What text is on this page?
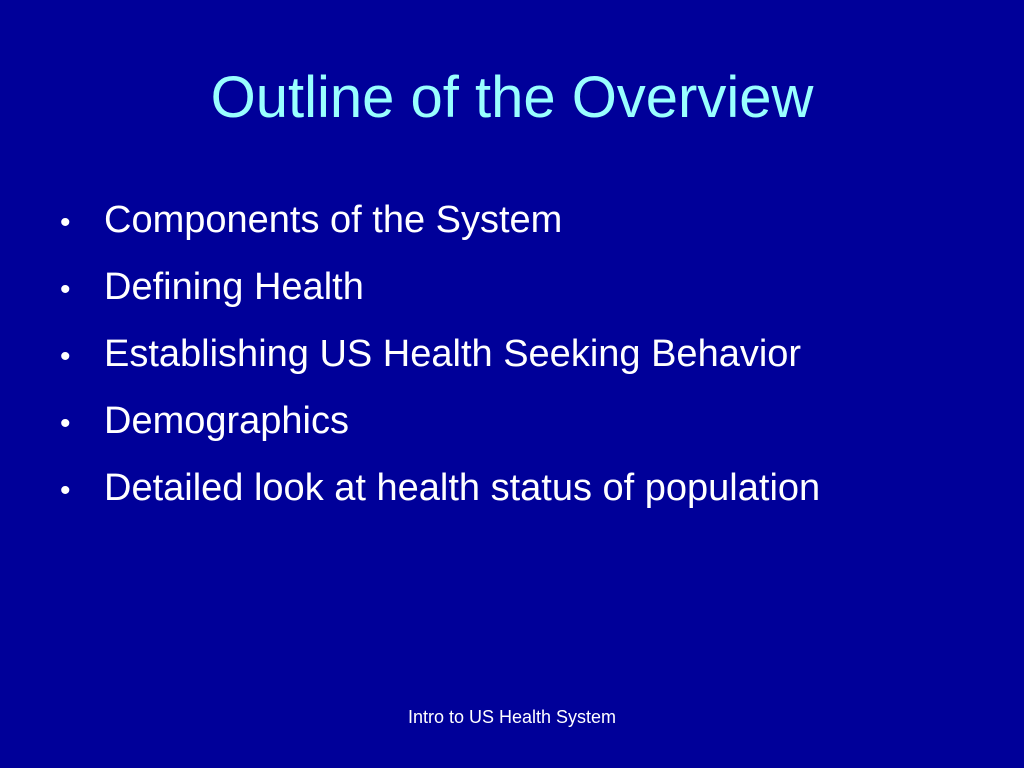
Outline of the Overview
• Components of the System
• Defining Health
• Establishing US Health Seeking Behavior
• Demographics
• Detailed look at health status of population
Intro to US Health System
